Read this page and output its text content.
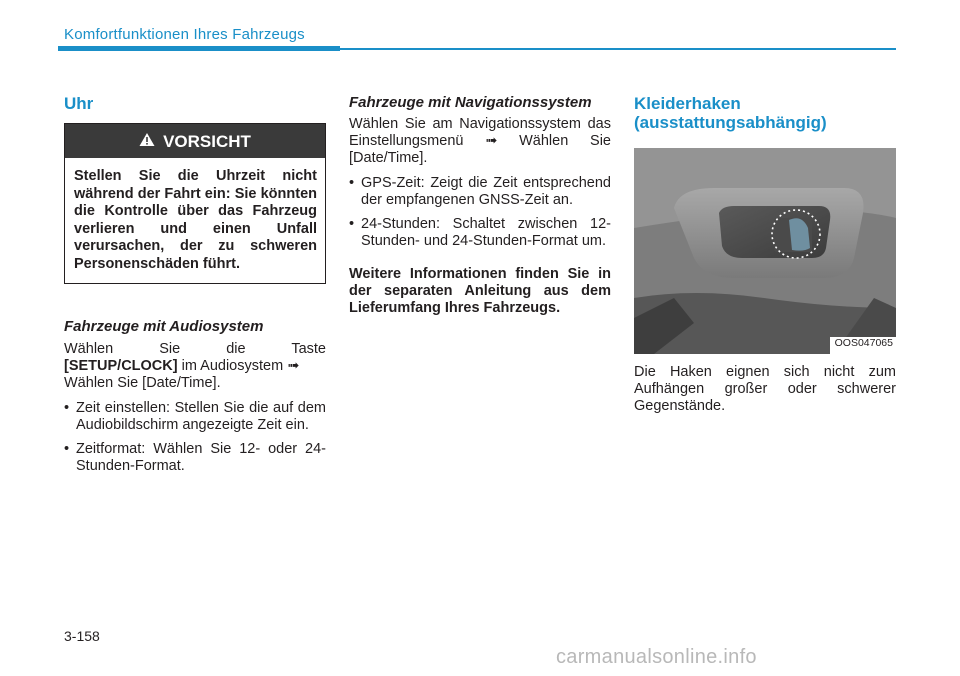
Komfortfunktionen Ihres Fahrzeugs
Uhr
VORSICHT
Stellen Sie die Uhrzeit nicht während der Fahrt ein: Sie könnten die Kontrolle über das Fahrzeug verlieren und einen Unfall verursachen, der zu schweren Personenschäden führt.
Fahrzeuge mit Audiosystem

Wählen Sie die Taste

[SETUP/CLOCK] im Audiosystem ➟ Wählen Sie [Date/Time].

• Zeit einstellen: Stellen Sie die auf dem Audiobildschirm angezeigte Zeit ein.
• Zeitformat: Wählen Sie 12- oder 24-Stunden-Format.
Fahrzeuge mit Navigationssystem

Wählen Sie am Navigationssystem das Einstellungsmenü ➟ Wählen Sie [Date/Time].

• GPS-Zeit: Zeigt die Zeit entsprechend der empfangenen GNSS-Zeit an.
• 24-Stunden: Schaltet zwischen 12-Stunden- und 24-Stunden-Format um.

Weitere Informationen finden Sie in der separaten Anleitung aus dem Lieferumfang Ihres Fahrzeugs.

Kleiderhaken (ausstattungsabhängig)
OOS047065

Die Haken eignen sich nicht zum Aufhängen großer oder schwerer Gegenstände.

3-158
carmanualsonline.info
